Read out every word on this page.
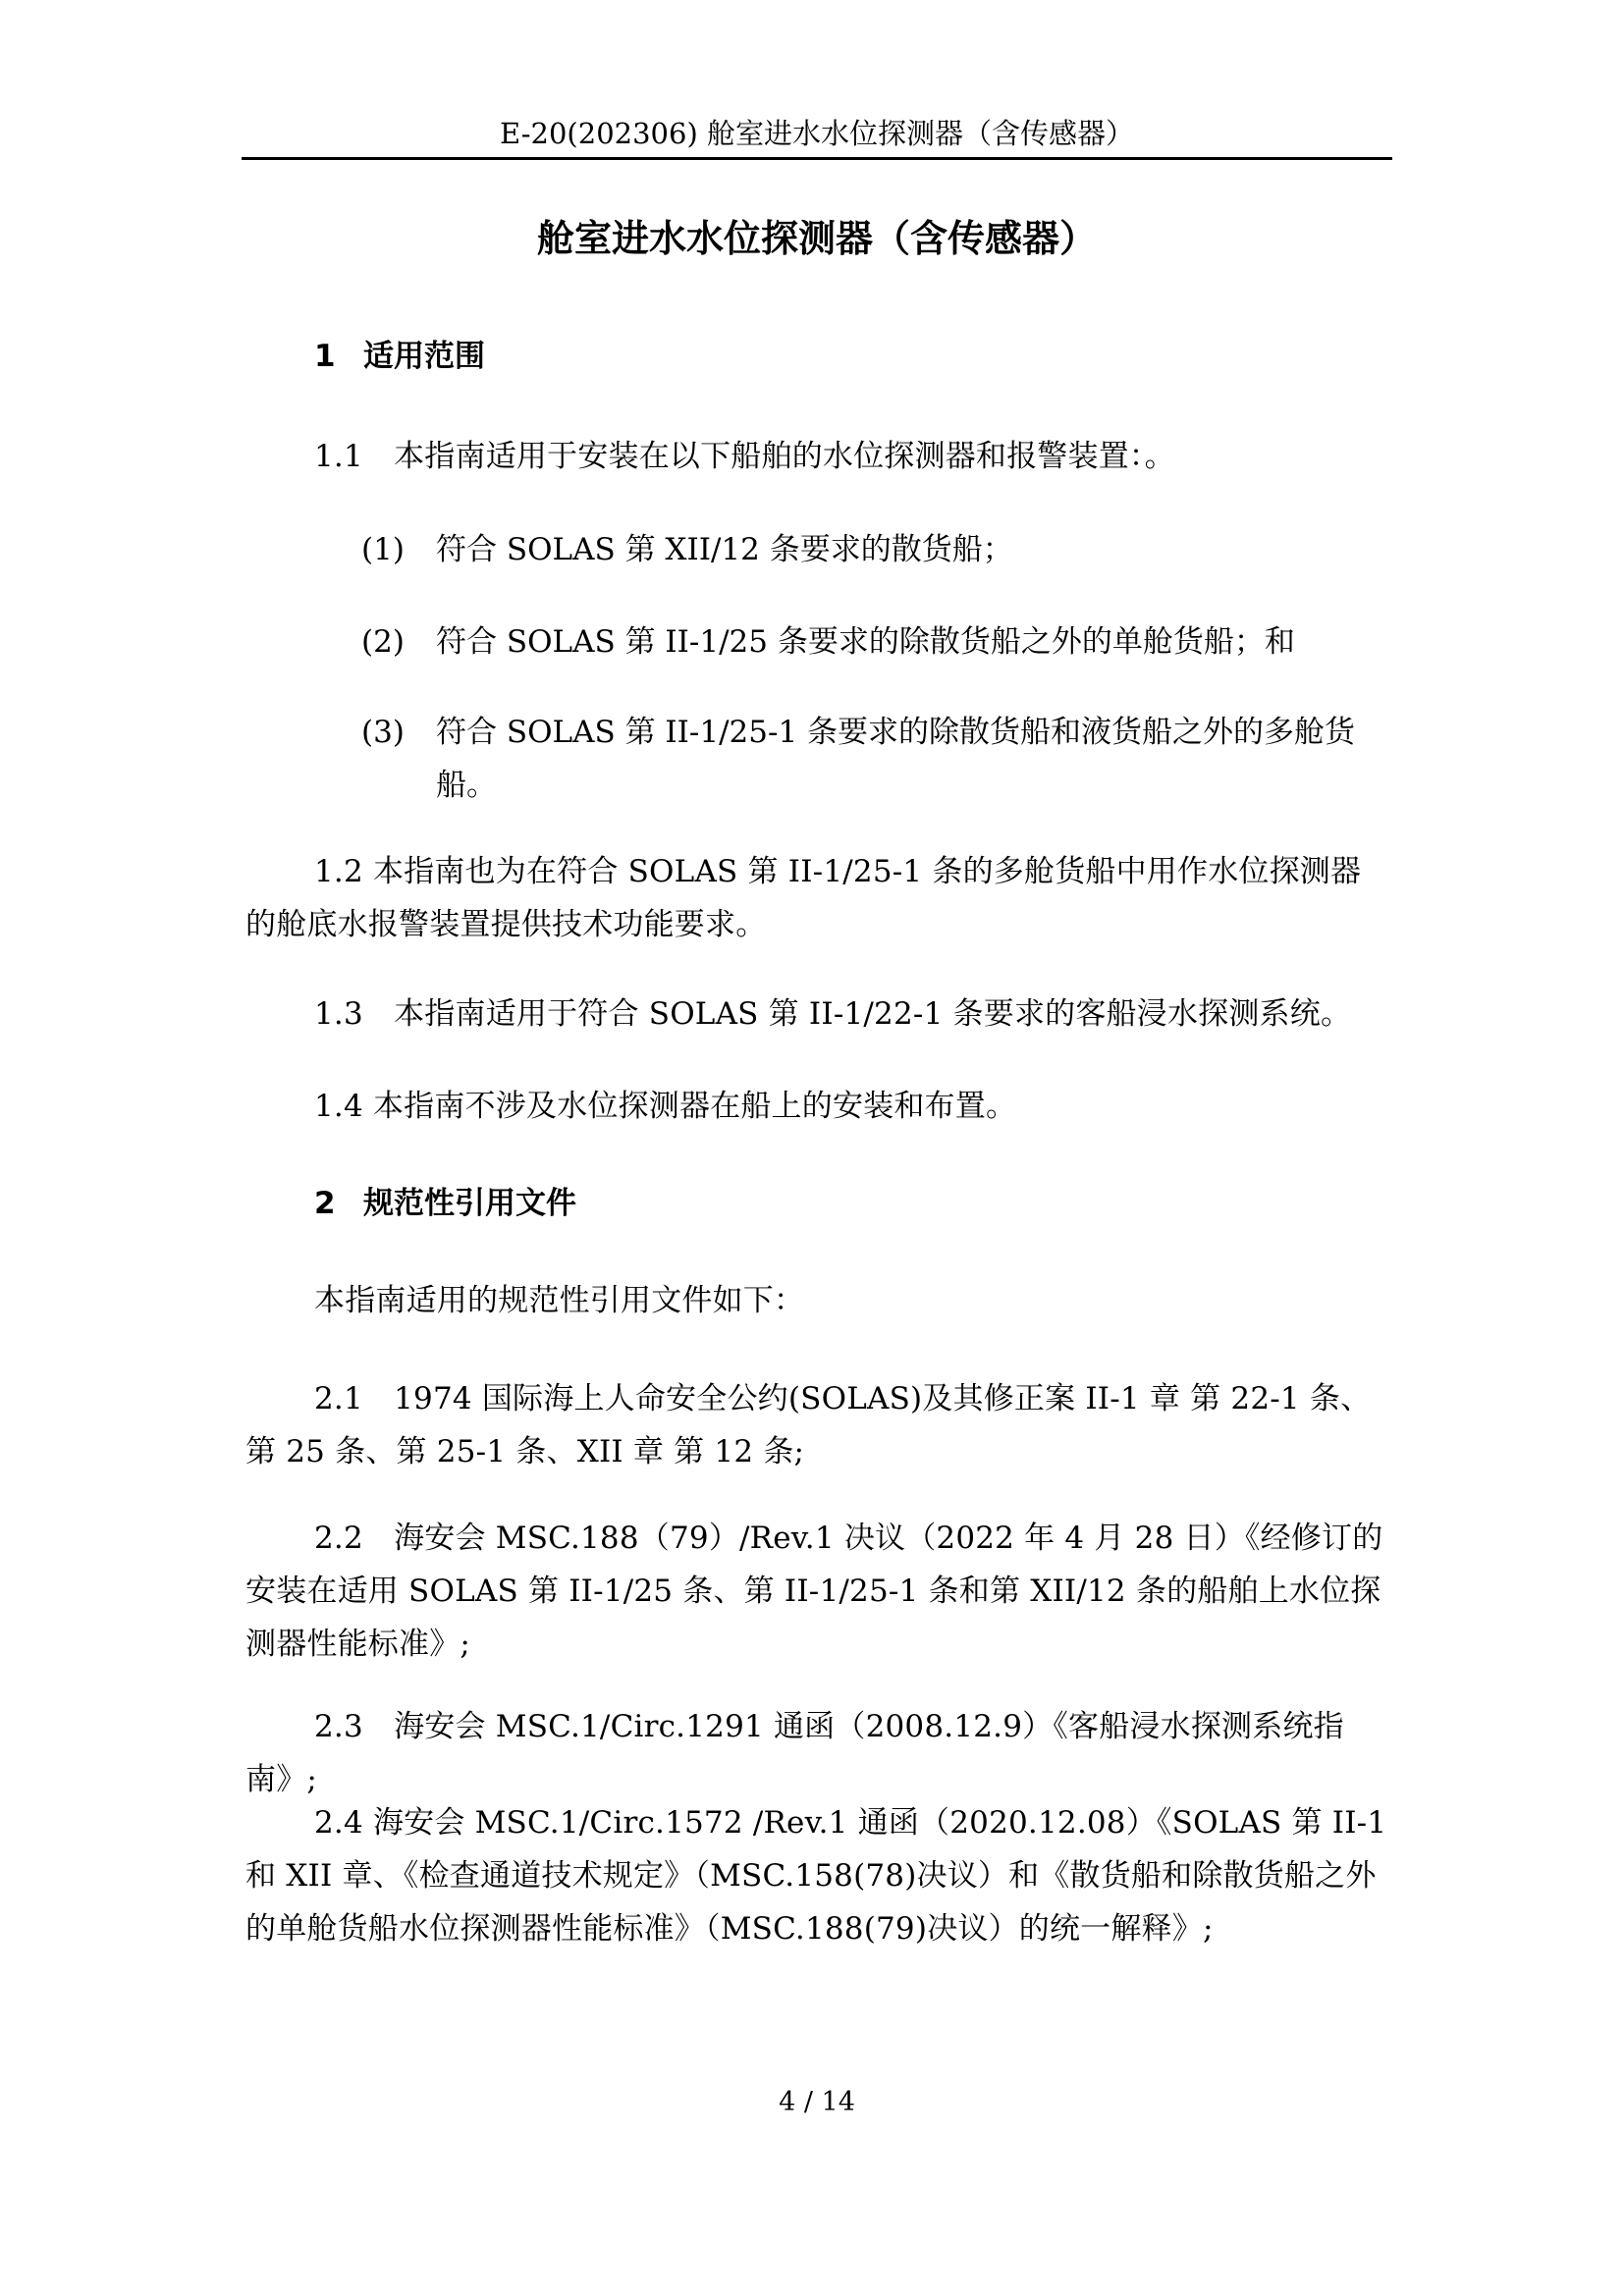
E-20(202306) 舱室进水水位探测器（含传感器）
舱室进水水位探测器（含传感器）
1 适用范围
1.1　本指南适用于安装在以下船舶的水位探测器和报警装置：。
(1)	符合 SOLAS 第 XII/12 条要求的散货船；
(2)	符合 SOLAS 第 II-1/25 条要求的除散货船之外的单舱货船；和
(3)	符合 SOLAS 第 II-1/25-1 条要求的除散货船和液货船之外的多舱货船。
1.2 本指南也为在符合 SOLAS 第 II-1/25-1 条的多舱货船中用作水位探测器的舱底水报警装置提供技术功能要求。
1.3　本指南适用于符合 SOLAS 第 II-1/22-1 条要求的客船浸水探测系统。
1.4 本指南不涉及水位探测器在船上的安装和布置。
2 规范性引用文件
本指南适用的规范性引用文件如下：
2.1　1974 国际海上人命安全公约(SOLAS)及其修正案 II-1 章 第 22-1 条、第 25 条、第 25-1 条、XII 章 第 12 条;
2.2　海安会 MSC.188（79）/Rev.1 决议（2022 年 4 月 28 日）《经修订的安装在适用 SOLAS 第 II-1/25 条、第 II-1/25-1 条和第 XII/12 条的船舶上水位探测器性能标准》;
2.3　海安会 MSC.1/Circ.1291 通函（2008.12.9）《客船浸水探测系统指南》;
2.4 海安会 MSC.1/Circ.1572 /Rev.1 通函（2020.12.08）《SOLAS 第 II-1 和 XII 章、《检查通道技术规定》（MSC.158(78)决议）和《散货船和除散货船之外的单舱货船水位探测器性能标准》（MSC.188(79)决议）的统一解释》;
4 / 14
